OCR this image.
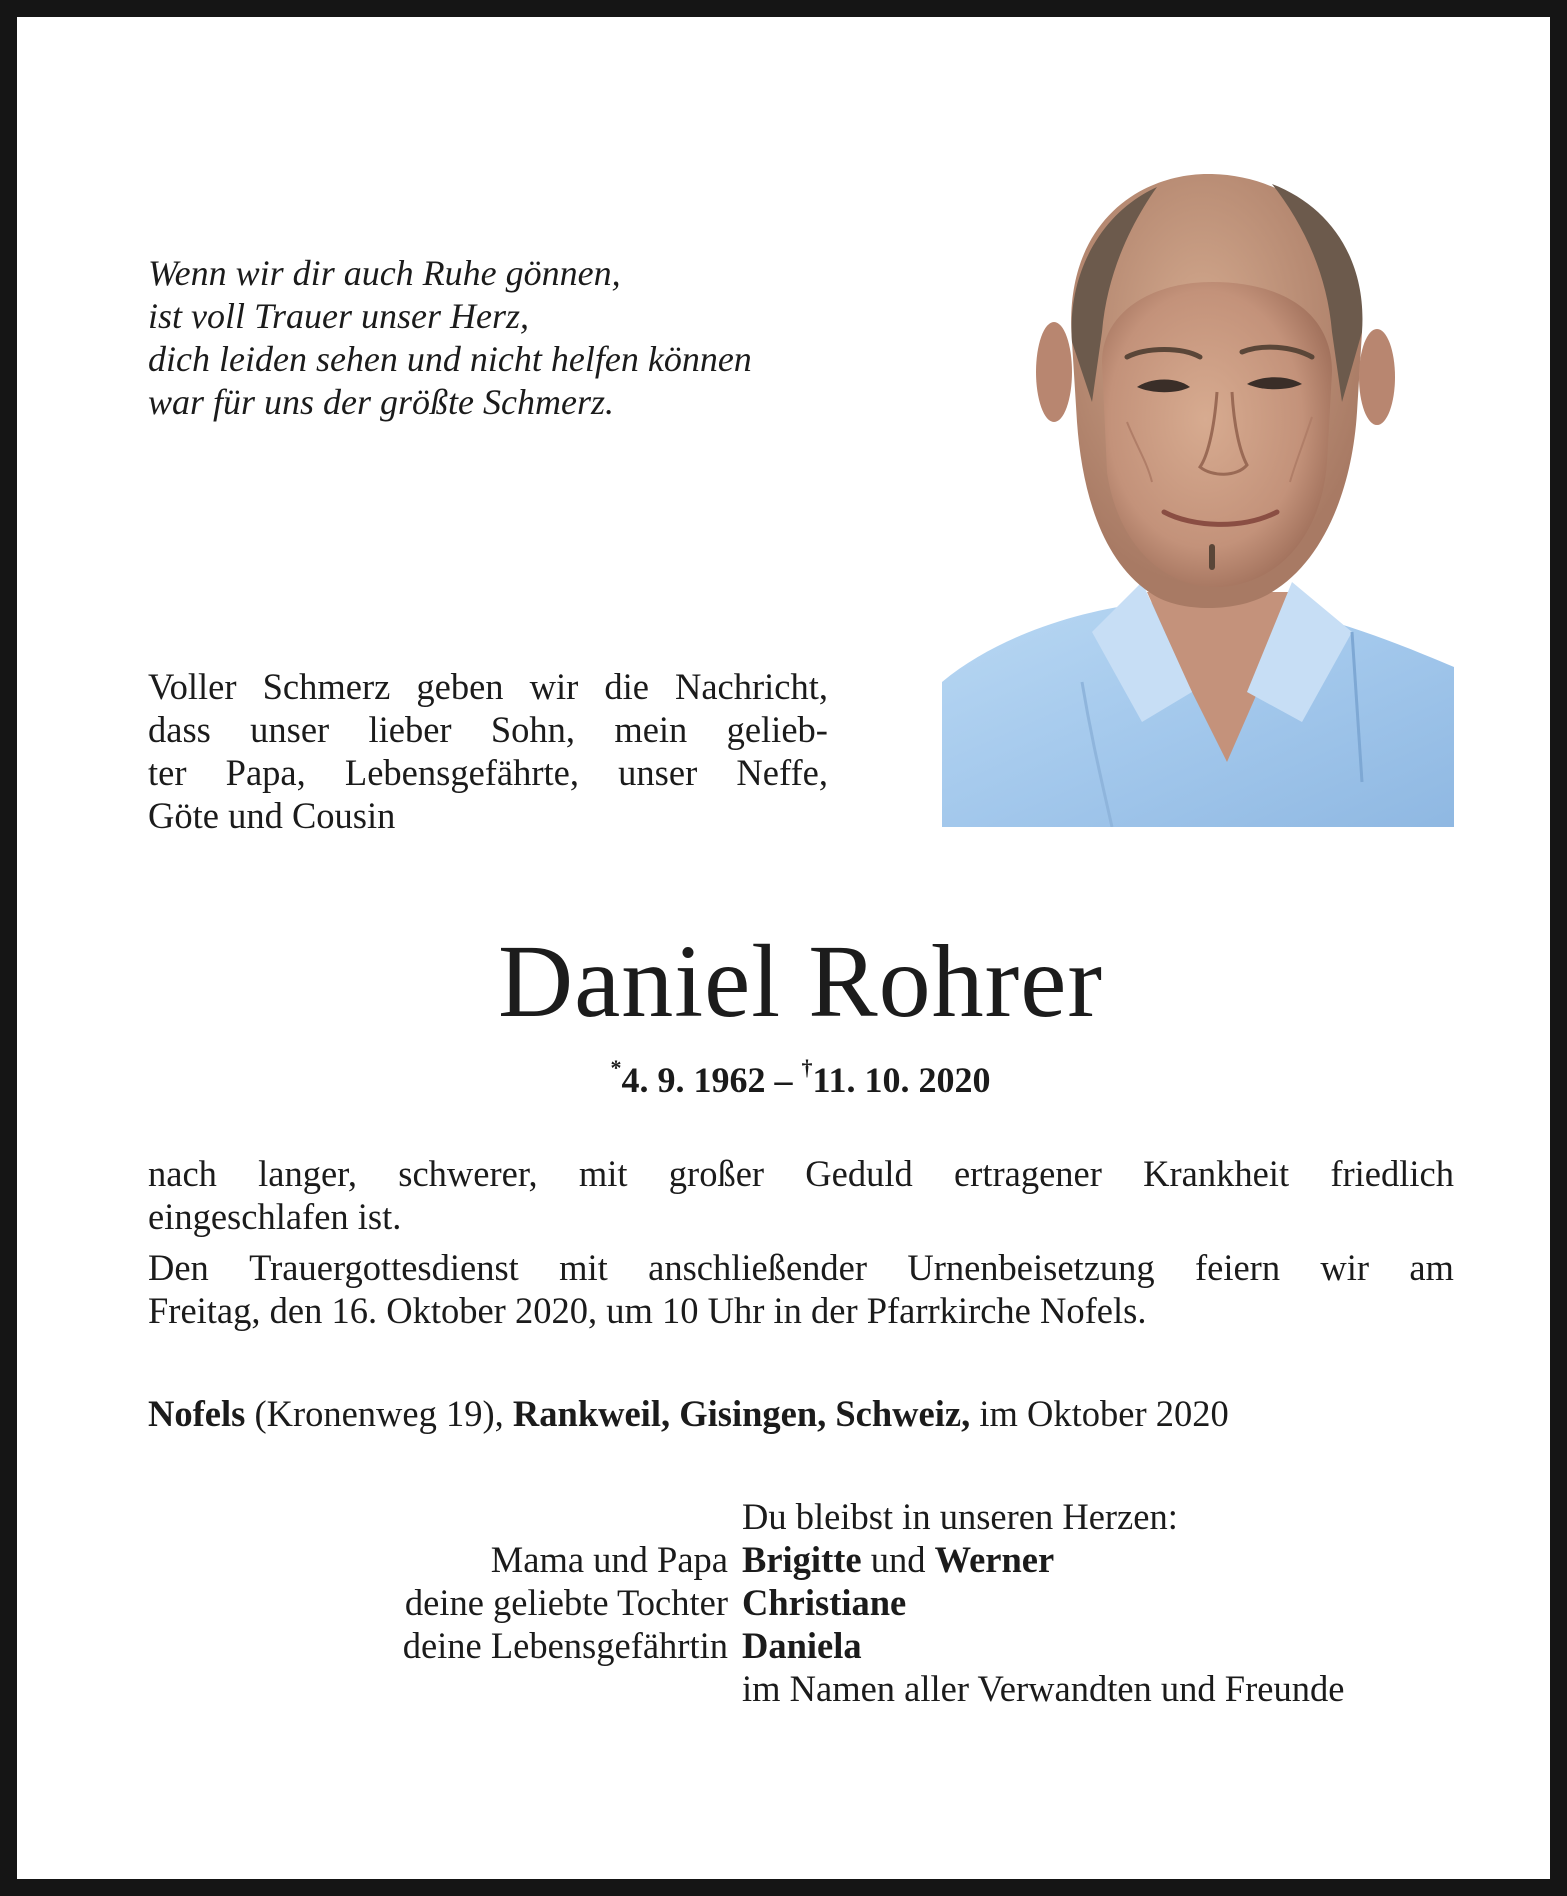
Wenn wir dir auch Ruhe gönnen,
ist voll Trauer unser Herz,
dich leiden sehen und nicht helfen können
war für uns der größte Schmerz.
Voller Schmerz geben wir die Nachricht,
dass unser lieber Sohn, mein gelieb-
ter Papa, Lebensgefährte, unser Neffe,
Göte und Cousin
Daniel Rohrer
*4. 9. 1962 – †11. 10. 2020
nach langer, schwerer, mit großer Geduld ertragener Krankheit friedlich
eingeschlafen ist.
Den Trauergottesdienst mit anschließender Urnenbeisetzung feiern wir am
Freitag, den 16. Oktober 2020, um 10 Uhr in der Pfarrkirche Nofels.
Nofels (Kronenweg 19), Rankweil, Gisingen, Schweiz, im Oktober 2020
Du bleibst in unseren Herzen:
Mama und Papa Brigitte und Werner
deine geliebte Tochter Christiane
deine Lebensgefährtin Daniela
im Namen aller Verwandten und Freunde
